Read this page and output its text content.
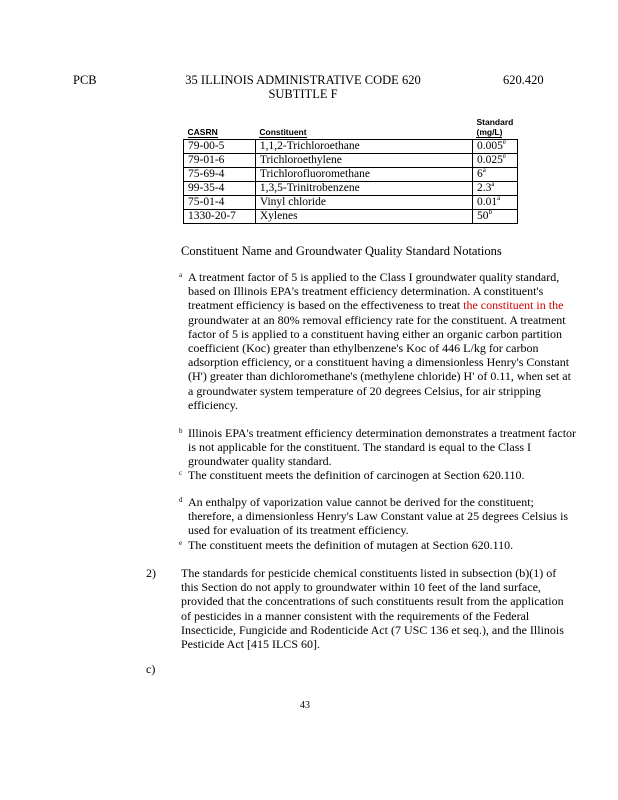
PCB	35 ILLINOIS ADMINISTRATIVE CODE 620
SUBTITLE F
620.420
CASRN	Constituent	Standard
(mg/L)
79-00-5	1,1,2-Trichloroethane	0.005e
79-01-6	Trichloroethylene	0.025e
75-69-4	Trichlorofluoromethane	6$^a$
99-35-4	1,3,5-Trinitrobenzene	2.3$^a$
75-01-4	Vinyl chloride	0.01$^a$
1330-20-7	Xylenes	50$^b$
Constituent Name and Groundwater Quality Standard Notations
a A treatment factor of 5 is applied to the Class I groundwater quality standard, based on Illinois EPA's treatment efficiency determination. A constituent's treatment efficiency is based on the effectiveness to treat the constituent in the groundwater at an 80% removal efficiency rate for the constituent. A treatment factor of 5 is applied to a constituent having either an organic carbon partition coefficient (Koc) greater than ethylbenzene's Koc of 446 L/kg for carbon adsorption efficiency, or a constituent having a dimensionless Henry's Constant (H') greater than dichloromethane's (methylene chloride) H' of 0.11, when set at a groundwater system temperature of 20 degrees Celsius, for air stripping efficiency.
b Illinois EPA's treatment efficiency determination demonstrates a treatment factor is not applicable for the constituent. The standard is equal to the Class I groundwater quality standard.
c The constituent meets the definition of carcinogen at Section 620.110.
d An enthalpy of vaporization value cannot be derived for the constituent; therefore, a dimensionless Henry's Law Constant value at 25 degrees Celsius is used for evaluation of its treatment efficiency.
e The constituent meets the definition of mutagen at Section 620.110.
2) The standards for pesticide chemical constituents listed in subsection (b)(1) of this Section do not apply to groundwater within 10 feet of the land surface, provided that the concentrations of such constituents result from the application of pesticides in a manner consistent with the requirements of the Federal Insecticide, Fungicide and Rodenticide Act (7 USC 136 et seq.), and the Illinois Pesticide Act [415 ILCS 60].
c)
43
